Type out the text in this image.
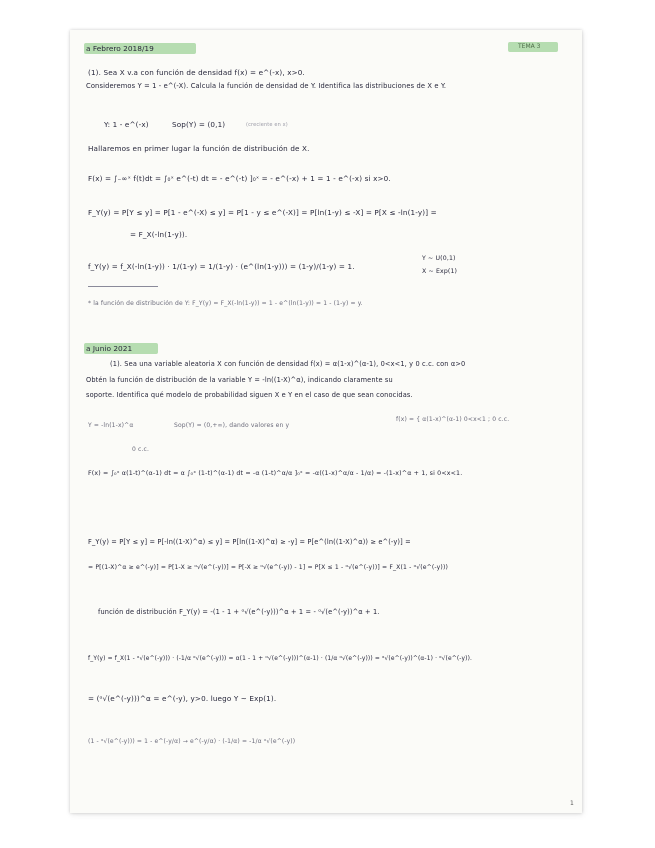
a Febrero 2018/19	TEMA 3
(1). Sea X v.a con función de densidad f(x) = e^(-x), x>0.
Consideremos Y = 1 - e^(-X). Calcula la función de densidad de Y. Identifica las distribuciones de X e Y.
Y: 1 - e^(-x)	Sop(Y) = (0,1)	(creciente en x)
Hallaremos en primer lugar la función de distribución de X.
F(x) = ∫₋∞ˣ f(t)dt = ∫₀ˣ e^(-t) dt = - e^(-t) ]₀ˣ = - e^(-x) + 1 = 1 - e^(-x) si x>0.
F_Y(y) = P[Y ≤ y] = P[1 - e^(-X) ≤ y] = P[1 - y ≤ e^(-X)] = P[ln(1-y) ≤ -X] = P[X ≤ -ln(1-y)] =
= F_X(-ln(1-y)).
f_Y(y) = f_X(-ln(1-y)) · 1/(1-y) = 1/(1-y) · (e^(ln(1-y))) = (1-y)/(1-y) = 1.
Y ~ U(0,1)
X ~ Exp(1)
* la función de distribución de Y: F_Y(y) = F_X(-ln(1-y)) = 1 - e^(ln(1-y)) = 1 - (1-y) = y.
a Junio 2021
(1). Sea una variable aleatoria X con función de densidad f(x) = α(1-x)^(α-1), 0<x<1, y 0 c.c. con α>0
Obtén la función de distribución de la variable Y = -ln((1-X)^α), indicando claramente su
soporte. Identifica qué modelo de probabilidad siguen X e Y en el caso de que sean conocidas.
Y = -ln(1-x)^α	Sop(Y) = (0,+∞), dando valores en y
f(x) = { α(1-x)^(α-1) 0<x<1 ; 0 c.c.
0 c.c.
F(x) = ∫₀ˣ α(1-t)^(α-1) dt = α ∫₀ˣ (1-t)^(α-1) dt = -α (1-t)^α/α ]₀ˣ = -α((1-x)^α/α - 1/α) = -(1-x)^α + 1, si 0<x<1.
F_Y(y) = P[Y ≤ y] = P[-ln((1-X)^α) ≤ y] = P[ln((1-X)^α) ≥ -y] = P[e^(ln((1-X)^α)) ≥ e^(-y)] =
= P[(1-X)^α ≥ e^(-y)] = P[1-X ≥ ᵅ√(e^(-y))] = P[-X ≥ ᵅ√(e^(-y)) - 1] = P[X ≤ 1 - ᵅ√(e^(-y))] = F_X(1 - ᵅ√(e^(-y)))
función de distribución F_Y(y) = -(1 - 1 + ᵅ√(e^(-y)))^α + 1 = - ᵅ√(e^(-y))^α + 1.
f_Y(y) = f_X(1 - ᵅ√(e^(-y))) · (-1/α ᵅ√(e^(-y))) = α(1 - 1 + ᵅ√(e^(-y)))^(α-1) · (1/α ᵅ√(e^(-y))) = ᵅ√(e^(-y))^(α-1) · ᵅ√(e^(-y)).
= (ᵅ√(e^(-y)))^α = e^(-y), y>0. luego Y ~ Exp(1).
(1 - ᵅ√(e^(-y))) = 1 - e^(-y/α) → e^(-y/α) · (-1/α) = -1/α ᵅ√(e^(-y))
1
